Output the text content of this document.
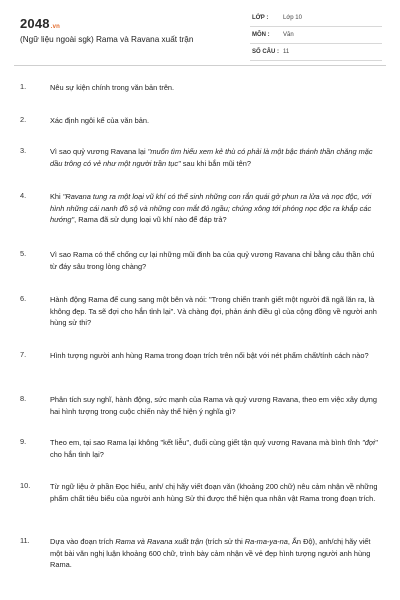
2048.vn
(Ngữ liệu ngoài sgk) Rama và Ravana xuất trận
LỚP : Lớp 10
MÔN : Văn
SỐ CÂU : 11
1.	Nêu sự kiện chính trong văn bản trên.
2.	Xác định ngôi kể của văn bản.
3.	Vì sao quỷ vương Ravana lại "muốn tìm hiểu xem kẻ thù có phải là một bậc thánh thần chăng mặc dầu trông có vẻ như một người trần tục" sau khi bắn mũi tên?
4.	Khi "Ravana tung ra một loại vũ khí có thể sinh những con rắn quái gở phun ra lửa và nọc độc, với hình những cái nanh đồ sộ và những con mắt đỏ ngầu; chúng xông tới phóng nọc độc ra khắp các hướng", Rama đã sử dụng loại vũ khí nào để đáp trả?
5.	Vì sao Rama có thể chống cự lại những mũi đinh ba của quỷ vương Ravana chỉ bằng câu thần chú từ đáy sâu trong lòng chàng?
6.	Hành động Rama để cung sang một bên và nói: "Trong chiến tranh giết một người đã ngã lăn ra, là không đẹp. Ta sẽ đợi cho hắn tỉnh lại". Và chàng đợi, phản ánh điều gì của cộng đồng về người anh hùng sử thi?
7.	Hình tượng người anh hùng Rama trong đoạn trích trên nổi bật với nét phẩm chất/tính cách nào?
8.	Phân tích suy nghĩ, hành động, sức mạnh của Rama và quỷ vương Ravana, theo em việc xây dựng hai hình tượng trong cuộc chiến này thể hiện ý nghĩa gì?
9.	Theo em, tại sao Rama lại không "kết liễu", đuổi cùng giết tận quỷ vương Ravana mà bình tĩnh "đợi" cho hắn tỉnh lại?
10.	Từ ngữ liệu ở phần Đọc hiểu, anh/ chị hãy viết đoạn văn (khoảng 200 chữ) nêu cảm nhận về những phẩm chất tiêu biểu của người anh hùng Sử thi được thể hiện qua nhân vật Rama trong đoạn trích.
11.	Dựa vào đoạn trích Rama và Ravana xuất trận (trích sử thi Ra-ma-ya-na, Ấn Độ), anh/chị hãy viết một bài văn nghị luận khoảng 600 chữ, trình bày cảm nhận về vẻ đẹp hình tượng người anh hùng Rama.
